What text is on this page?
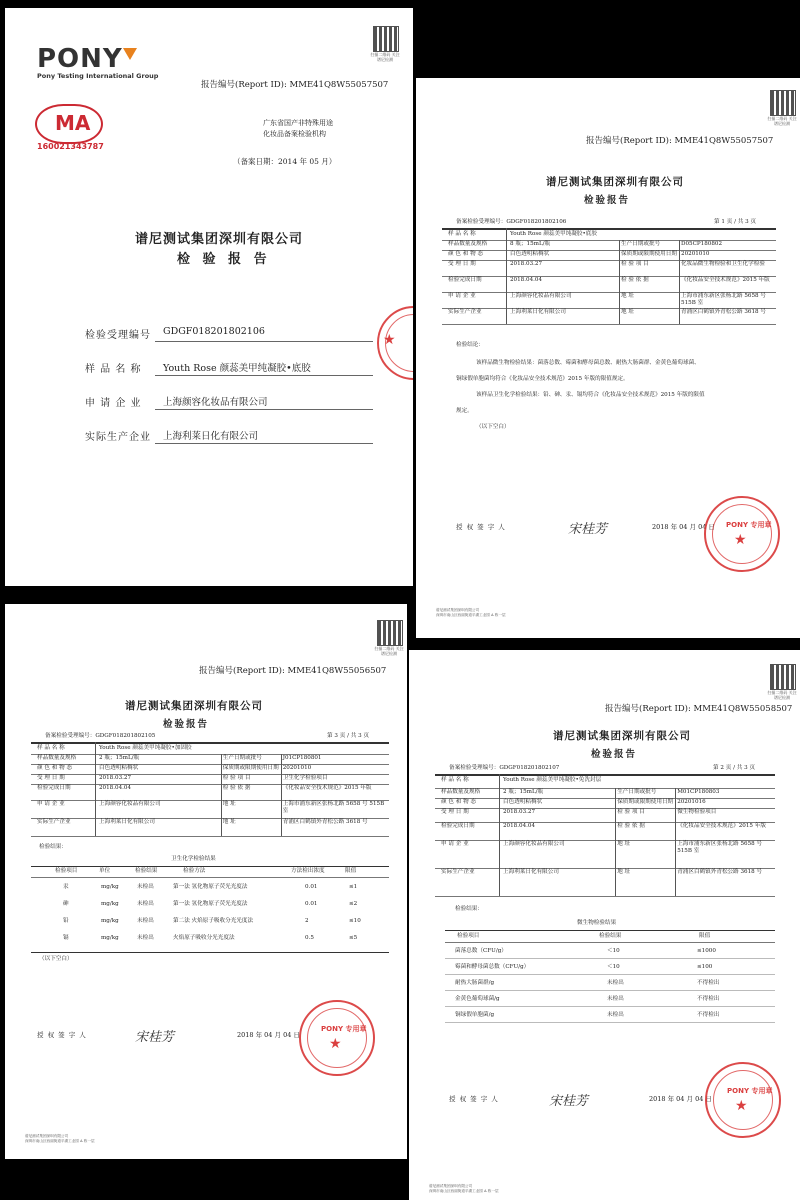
PONY
Pony Testing International Group
扫描二维码 关注谱尼检测
报告编号(Report ID): MME41Q8W55057507
MA
160021343787
广东省国产非特殊用途
化妆品备案检验机构
（备案日期：2014 年 05 月）
谱尼测试集团深圳有限公司
检 验 报 告
检验受理编号 GDGF018201802106
样 品 名 称 Youth Rose 颜蕊美甲纯凝胶•底胶
申 请 企 业 上海颜容化妆品有限公司
实际生产企业 上海利莱日化有限公司
★
扫描二维码 关注谱尼检测
报告编号(Report ID): MME41Q8W55057507
谱尼测试集团深圳有限公司
检验报告
备案检验受理编号：GDGF018201802106	第 1 页 / 共 3 页
样 品 名 称	Youth Rose 颜蕊美甲纯凝胶•底胶
样品数量及规格	8 瓶；15mL/瓶	生产日期或批号	D05CP180802
颜 色 和 物 态	白色透明粘稠状	保质期或限期使用日期 20201010
受 理 日 期	2018.03.27	检 验 项 目	化妆品微生物检验和卫生化学检验
检验完成日期	2018.04.04	检 验 依 据	《化妆品安全技术规范》2015 年版
申 请 企 业	上海颜容化妆品有限公司	地 址	上海市浦东新区张杨北路 5658 号 515B 室
实际生产企业	上海利莱日化有限公司	地 址	青浦区白鹤镇外青松公路 3618 号
检验结论：
该样品微生物检验结果：菌落总数、霉菌和酵母菌总数、耐热大肠菌群、金黄色葡萄球菌、
铜绿假单胞菌均符合《化妆品安全技术规范》2015 年版的限值规定。
该样品卫生化学检验结果：铅、砷、汞、镉均符合《化妆品安全技术规范》2015 年版的限值
规定。
（以下空白）
授 权 签 字 人	宋桂芳	2018 年 04 月 04 日
★
PONY 专用章
谱尼测试集团深圳有限公司
深圳市南山区西丽街道平湖工业园 A 栋一层
扫描二维码 关注谱尼检测
报告编号(Report ID): MME41Q8W55056507
谱尼测试集团深圳有限公司
检验报告
备案检验受理编号：GDGF018201802105	第 3 页 / 共 3 页
样 品 名 称	Youth Rose 颜蕊美甲纯凝胶•加固胶
样品数量及规格	2 瓶；15mL/瓶	生产日期或批号	J01CP180801
颜 色 和 物 态	白色透明粘稠状	保质期或限期使用日期 20201010
受 理 日 期	2018.03.27	检 验 项 目	卫生化学检验项目
检验完成日期	2018.04.04	检 验 依 据	《化妆品安全技术规范》2015 年版
申 请 企 业	上海颜容化妆品有限公司	地 址	上海市浦东新区张杨北路 5658 号 515B 室
实际生产企业	上海利莱日化有限公司	地 址	青浦区白鹤镇外青松公路 3618 号
检验结果：
卫生化学检验结果
检验项目	单位	检验结果	检验方法	方法检出浓度	限值
汞	mg/kg	未检出	第一法 氢化物原子荧光光度法	0.01	≤1
砷	mg/kg	未检出	第一法 氢化物原子荧光光度法	0.01	≤2
铅	mg/kg	未检出	第二法 火焰原子吸收分光光度法	2	≤10
镉	mg/kg	未检出	火焰原子吸收分光光度法	0.5	≤5
（以下空白）
授 权 签 字 人	宋桂芳	2018 年 04 月 04 日
★
PONY 专用章
谱尼测试集团深圳有限公司
深圳市南山区西丽街道平湖工业园 A 栋一层
扫描二维码 关注谱尼检测
报告编号(Report ID): MME41Q8W55058507
谱尼测试集团深圳有限公司
检验报告
备案检验受理编号：GDGF018201802107	第 2 页 / 共 3 页
样 品 名 称	Youth Rose 颜蕊美甲纯凝胶•免洗封层
样品数量及规格	2 瓶；15mL/瓶	生产日期或批号	M01CP180803
颜 色 和 物 态	白色透明粘稠状	保质期或限期使用日期 20201016
受 理 日 期	2018.03.27	检 验 项 目	微生物检验项目
检验完成日期	2018.04.04	检 验 依 据	《化妆品安全技术规范》2015 年版
申 请 企 业	上海颜容化妆品有限公司	地 址	上海市浦东新区张杨北路 5658 号 515B 室
实际生产企业	上海利莱日化有限公司	地 址	青浦区白鹤镇外青松公路 3618 号
检验结果：
微生物检验结果
检验项目	检验结果	限值
菌落总数（CFU/g）	＜10	≤1000
霉菌和酵母菌总数（CFU/g）	＜10	≤100
耐热大肠菌群/g	未检出	不得检出
金黄色葡萄球菌/g	未检出	不得检出
铜绿假单胞菌/g	未检出	不得检出
授 权 签 字 人	宋桂芳	2018 年 04 月 04 日 ★
PONY 专用章
谱尼测试集团深圳有限公司
深圳市南山区西丽街道平湖工业园 A 栋一层
